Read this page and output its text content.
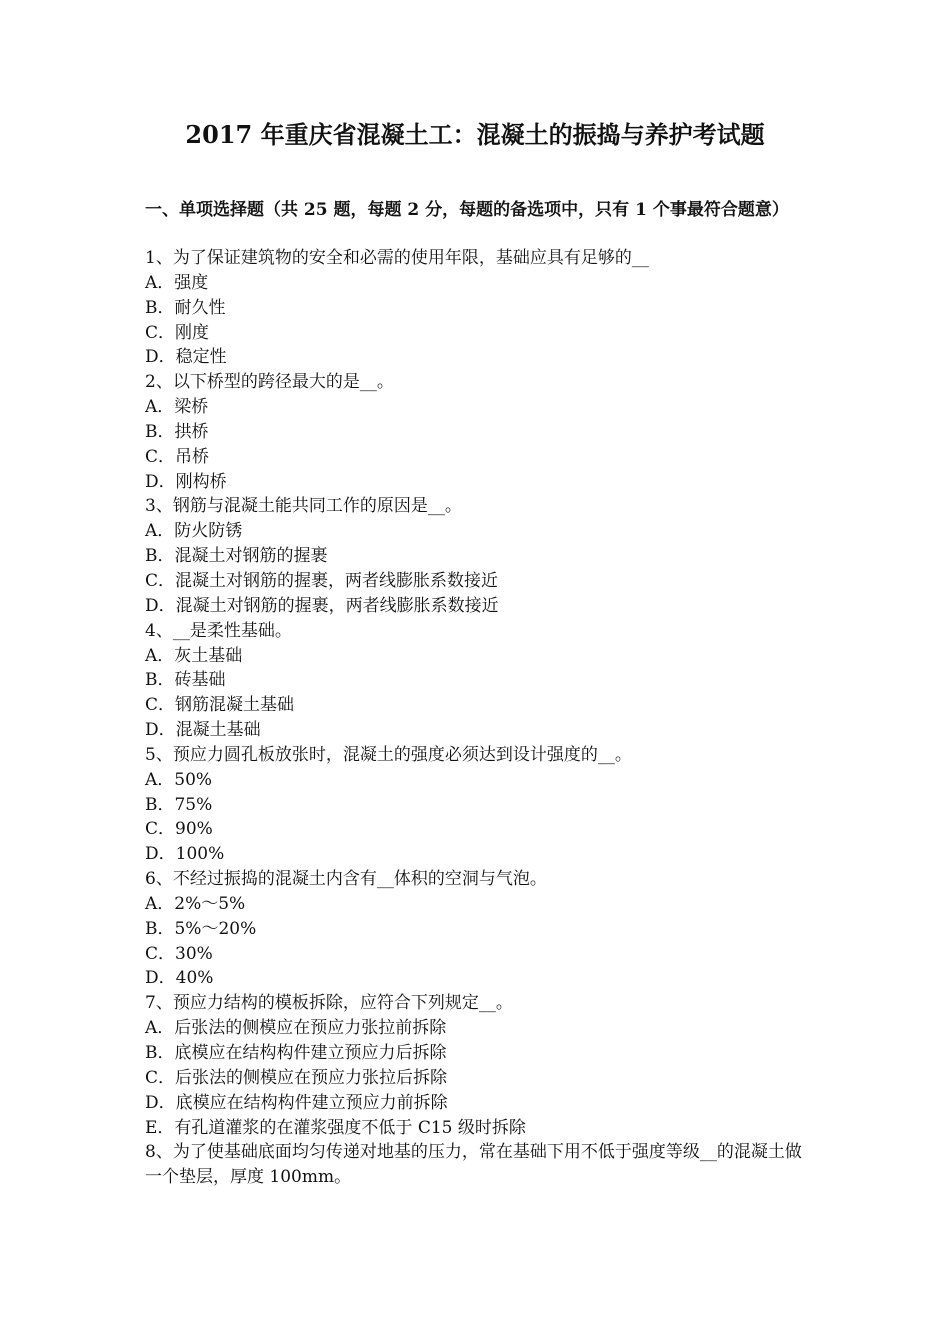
2017 年重庆省混凝土工：混凝土的振捣与养护考试题
一、单项选择题（共 25 题，每题 2 分，每题的备选项中，只有 1 个事最符合题意）
1、为了保证建筑物的安全和必需的使用年限，基础应具有足够的__
A．强度
B．耐久性
C．刚度
D．稳定性
2、以下桥型的跨径最大的是__。
A．梁桥
B．拱桥
C．吊桥
D．刚构桥
3、钢筋与混凝土能共同工作的原因是__。
A．防火防锈
B．混凝土对钢筋的握裹
C．混凝土对钢筋的握裹，两者线膨胀系数接近
D．混凝土对钢筋的握裹，两者线膨胀系数接近
4、__是柔性基础。
A．灰土基础
B．砖基础
C．钢筋混凝土基础
D．混凝土基础
5、预应力圆孔板放张时，混凝土的强度必须达到设计强度的__。
A．50%
B．75%
C．90%
D．100%
6、不经过振捣的混凝土内含有__体积的空洞与气泡。
A．2%～5%
B．5%～20%
C．30%
D．40%
7、预应力结构的模板拆除，应符合下列规定__。
A．后张法的侧模应在预应力张拉前拆除
B．底模应在结构构件建立预应力后拆除
C．后张法的侧模应在预应力张拉后拆除
D．底模应在结构构件建立预应力前拆除
E．有孔道灌浆的在灌浆强度不低于 C15 级时拆除
8、为了使基础底面均匀传递对地基的压力，常在基础下用不低于强度等级__的混凝土做一个垫层，厚度 100mm。
